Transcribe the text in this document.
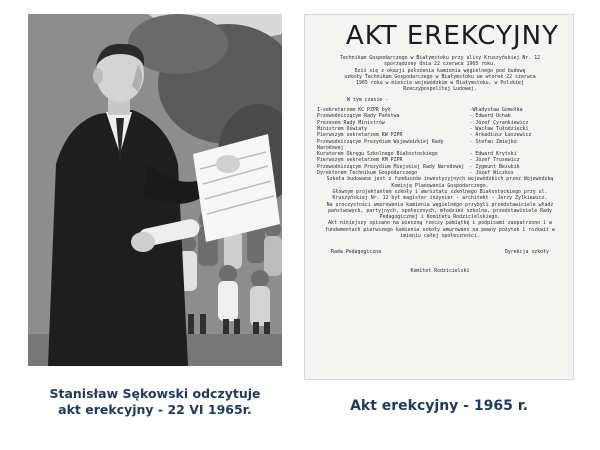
AKT EREKCYJNY
Technikum Gospodarczego w Białymstoku przy ulicy Kruszyńskiej Nr. 12
sporządzony dnia 22 czerwca 1965 roku.
Dziś się z okazji położenia kamienia węgielnego pod budowę
szkoły Technikum Gospodarczego w Białymstoku we wtorek 22 czerwca
1965 roku w mieście wojewódzkim w Białymstoku, w Polskiej
Rzeczypospolitej Ludowej.
W tym czasie -
I-sekretarzem KC PZPR był	-Władysław Gomułka
Przewodniczącym Rady Państwa	- Edward Ochab
Prezesem Rady Ministrów	- Józef Cyrankiewicz
Ministrem Oświaty	- Wacław Tułodziecki
Pierwszym sekretarzem KW PZPR	- Arkadiusz Łaszewicz
Przewodniczącym Prezydium Wojewódzkiej Rady Narodowej
- Stefan Zmiejko
Kuratorem Okręgu Szkolnego Białostockiego	- Edward Krytski
Pierwszym sekretarzem KM PZPR	- Józef Trusewicz
Przewodniczącym Prezydium Miejskiej Rady Narodowej	- Zygmunt Bezubik
Dyrektorem Technikum Gospodarczego	- Józef Wiczkos

Szkoła budowana jest z funduszów inwestycyjnych wojewódzkich przez Wojewódzką Komisję Planowania Gospodarczego.

Głównym projektantem szkoły i warsztatu szkolnego Białostockiego przy ul. Kruszyńskiej Nr. 12 był magister inżynier - architekt - Jerzy Zylkiewicz.

Na uroczystości wmurowania kamienia węgielnego przybyli przedstawiciele władz państwowych, partyjnych, społecznych, młodzież szkolna, przedstawiciele Rady Pedagogicznej i Komitetu Rodzicielskiego.

Akt niniejszy spisano na wieczną rzeczy pamiątkę i podpisami zaopatrzono i w fundamentach pierwszego kamienia szkoły wmurowano na pewny pożytek i rozkwit w imieniu całej społeczności.

Rada Pedagogiczna	Dyrekcja szkoły
Komitet Rodzicielski
Stanisław Sękowski odczytuje
akt erekcyjny - 22 VI 1965r.	Akt erekcyjny - 1965 r.
